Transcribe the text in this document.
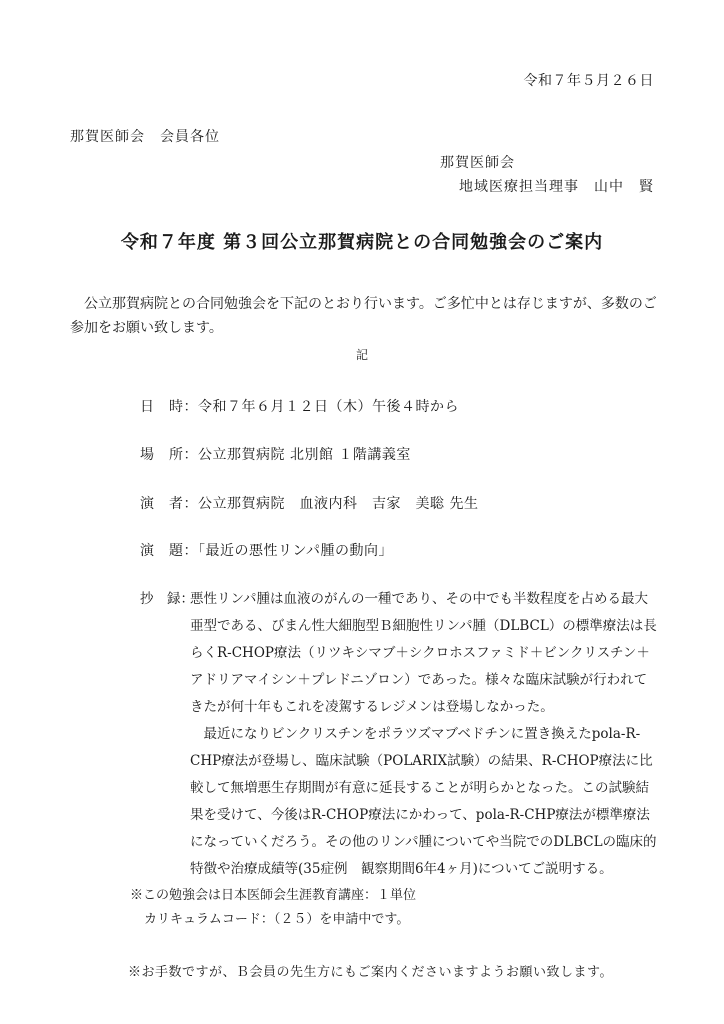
令和７年５月２６日
那賀医師会　会員各位
那賀医師会
地域医療担当理事　山中　賢
令和７年度 第３回公立那賀病院との合同勉強会のご案内
公立那賀病院との合同勉強会を下記のとおり行います。ご多忙中とは存じますが、多数のご参加をお願い致します。
記
日　時：令和７年６月１２日（木）午後４時から
場　所：公立那賀病院 北別館 １階講義室
演　者：公立那賀病院　血液内科　吉家　美聡 先生
演　題：「最近の悪性リンパ腫の動向」
抄　録：
悪性リンパ腫は血液のがんの一種であり、その中でも半数程度を占める最大亜型である、びまん性大細胞型Ｂ細胞性リンパ腫（DLBCL）の標準療法は長らくR-CHOP療法（リツキシマブ＋シクロホスファミド＋ビンクリスチン＋アドリアマイシン＋プレドニゾロン）であった。様々な臨床試験が行われてきたが何十年もこれを凌駕するレジメンは登場しなかった。
最近になりビンクリスチンをポラツズマブベドチンに置き換えたpola-R-CHP療法が登場し、臨床試験（POLARIX試験）の結果、R-CHOP療法に比較して無増悪生存期間が有意に延長することが明らかとなった。この試験結果を受けて、今後はR-CHOP療法にかわって、pola-R-CHP療法が標準療法になっていくだろう。その他のリンパ腫についてや当院でのDLBCLの臨床的特徴や治療成績等(35症例　観察期間6年4ヶ月)についてご説明する。
※この勉強会は日本医師会生涯教育講座：１単位
カリキュラムコード：（２５）を申請中です。
※お手数ですが、Ｂ会員の先生方にもご案内くださいますようお願い致します。
